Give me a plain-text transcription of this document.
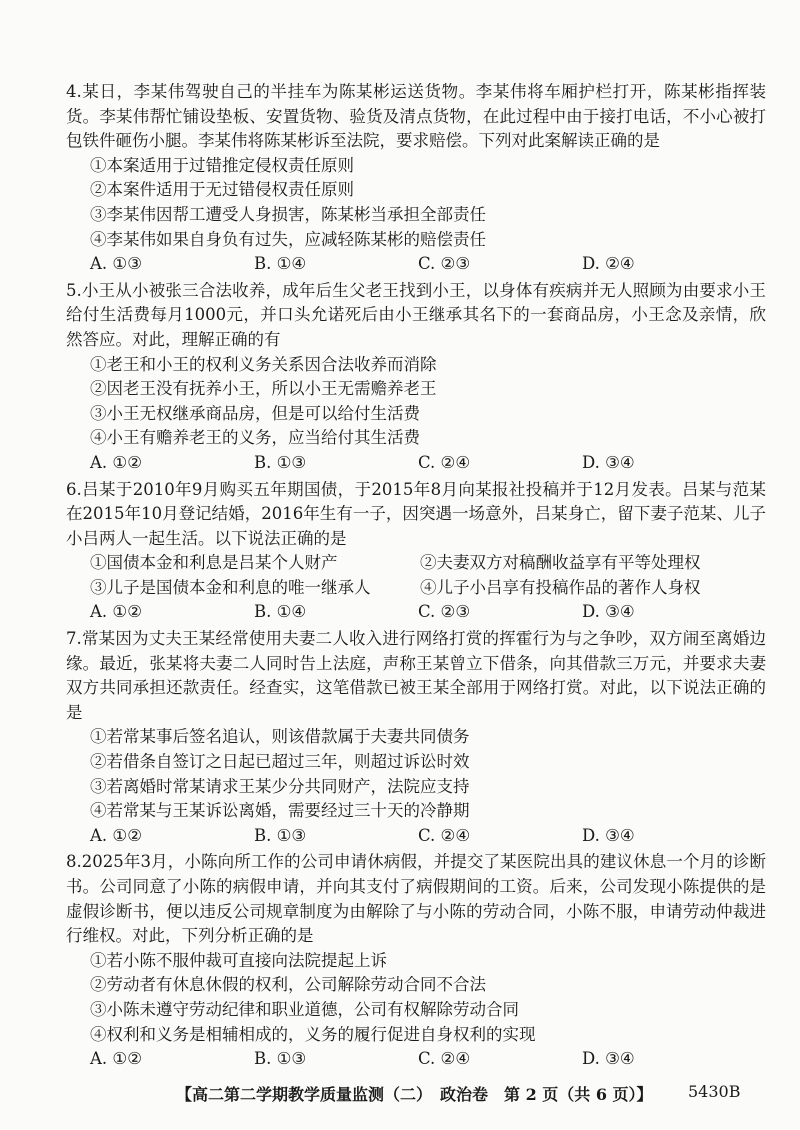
4.某日，李某伟驾驶自己的半挂车为陈某彬运送货物。李某伟将车厢护栏打开，陈某彬指挥装货。李某伟帮忙铺设垫板、安置货物、验货及清点货物，在此过程中由于接打电话，不小心被打包铁件砸伤小腿。李某伟将陈某彬诉至法院，要求赔偿。下列对此案解读正确的是

①本案适用于过错推定侵权责任原则
②本案件适用于无过错侵权责任原则
③李某伟因帮工遭受人身损害，陈某彬当承担全部责任
④李某伟如果自身负有过失，应减轻陈某彬的赔偿责任
A. ①③	B. ①④	C. ②③	D. ②④

5.小王从小被张三合法收养，成年后生父老王找到小王，以身体有疾病并无人照顾为由要求小王给付生活费每月1000元，并口头允诺死后由小王继承其名下的一套商品房，小王念及亲情，欣然答应。对此，理解正确的有

①老王和小王的权利义务关系因合法收养而消除
②因老王没有抚养小王，所以小王无需赡养老王
③小王无权继承商品房，但是可以给付生活费
④小王有赡养老王的义务，应当给付其生活费
A. ①②	B. ①③	C. ②④	D. ③④

6.吕某于2010年9月购买五年期国债，于2015年8月向某报社投稿并于12月发表。吕某与范某在2015年10月登记结婚，2016年生有一子，因突遇一场意外，吕某身亡，留下妻子范某、儿子小吕两人一起生活。以下说法正确的是

①国债本金和利息是吕某个人财产	②夫妻双方对稿酬收益享有平等处理权
③儿子是国债本金和利息的唯一继承人	④儿子小吕享有投稿作品的著作人身权
A. ①②	B. ①④	C. ②③	D. ③④

7.常某因为丈夫王某经常使用夫妻二人收入进行网络打赏的挥霍行为与之争吵，双方闹至离婚边缘。最近，张某将夫妻二人同时告上法庭，声称王某曾立下借条，向其借款三万元，并要求夫妻双方共同承担还款责任。经查实，这笔借款已被王某全部用于网络打赏。对此，以下说法正确的是

①若常某事后签名追认，则该借款属于夫妻共同债务
②若借条自签订之日起已超过三年，则超过诉讼时效
③若离婚时常某请求王某少分共同财产，法院应支持
④若常某与王某诉讼离婚，需要经过三十天的冷静期
A. ①②	B. ①③	C. ②④	D. ③④

8.2025年3月，小陈向所工作的公司申请休病假，并提交了某医院出具的建议休息一个月的诊断书。公司同意了小陈的病假申请，并向其支付了病假期间的工资。后来，公司发现小陈提供的是虚假诊断书，便以违反公司规章制度为由解除了与小陈的劳动合同，小陈不服，申请劳动仲裁进行维权。对此，下列分析正确的是

①若小陈不服仲裁可直接向法院提起上诉
②劳动者有休息休假的权利，公司解除劳动合同不合法
③小陈未遵守劳动纪律和职业道德，公司有权解除劳动合同
④权利和义务是相辅相成的，义务的履行促进自身权利的实现
A. ①②	B. ①③	C. ②④	D. ③④
【高二第二学期教学质量监测（二）　政治卷　第 2 页（共 6 页）】 5430B
